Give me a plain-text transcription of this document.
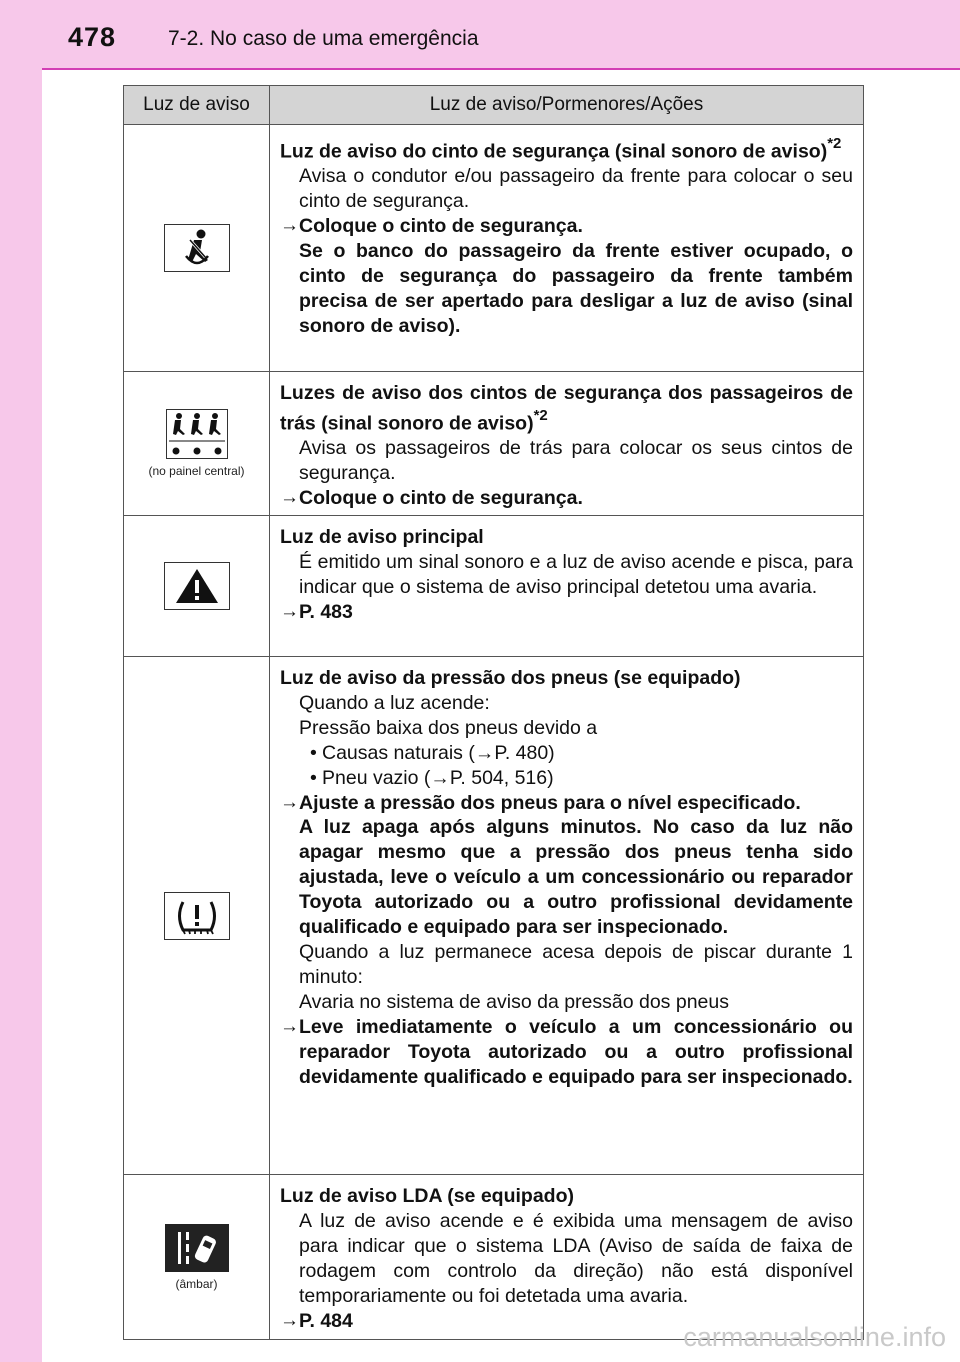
478 7-2. No caso de uma emergência
Luz de aviso	Luz de aviso/Pormenores/Ações
Luz de aviso do cinto de segurança (sinal sonoro de aviso)$^{*2}$
Avisa o condutor e/ou passageiro da frente para colocar o seu cinto de segurança.
→ Coloque o cinto de segurança.
Se o banco do passageiro da frente estiver ocupado, o cinto de segurança do passageiro da frente também precisa de ser apertado para desligar a luz de aviso (sinal sonoro de aviso).
(no painel central)
Luzes de aviso dos cintos de segurança dos passageiros de trás (sinal sonoro de aviso)$^{*2}$
Avisa os passageiros de trás para colocar os seus cintos de segurança.
→ Coloque o cinto de segurança.
Luz de aviso principal
É emitido um sinal sonoro e a luz de aviso acende e pisca, para indicar que o sistema de aviso principal detetou uma avaria.
→ P. 483
Luz de aviso da pressão dos pneus (se equipado)
Quando a luz acende:
Pressão baixa dos pneus devido a
• Causas naturais (→P. 480)
• Pneu vazio (→P. 504, 516)
→ Ajuste a pressão dos pneus para o nível especificado.
A luz apaga após alguns minutos. No caso da luz não apagar mesmo que a pressão dos pneus tenha sido ajustada, leve o veículo a um concessionário ou reparador Toyota autorizado ou a outro profissional devidamente qualificado e equipado para ser inspecionado.
Quando a luz permanece acesa depois de piscar durante 1 minuto:
Avaria no sistema de aviso da pressão dos pneus
→ Leve imediatamente o veículo a um concessionário ou reparador Toyota autorizado ou a outro profissional devidamente qualificado e equipado para ser inspecionado.
(âmbar)
Luz de aviso LDA (se equipado)
A luz de aviso acende e é exibida uma mensagem de aviso para indicar que o sistema LDA (Aviso de saída de faixa de rodagem com controlo da direção) não está disponível temporariamente ou foi detetada uma avaria.
→ P. 484
carmanualsonline.info
